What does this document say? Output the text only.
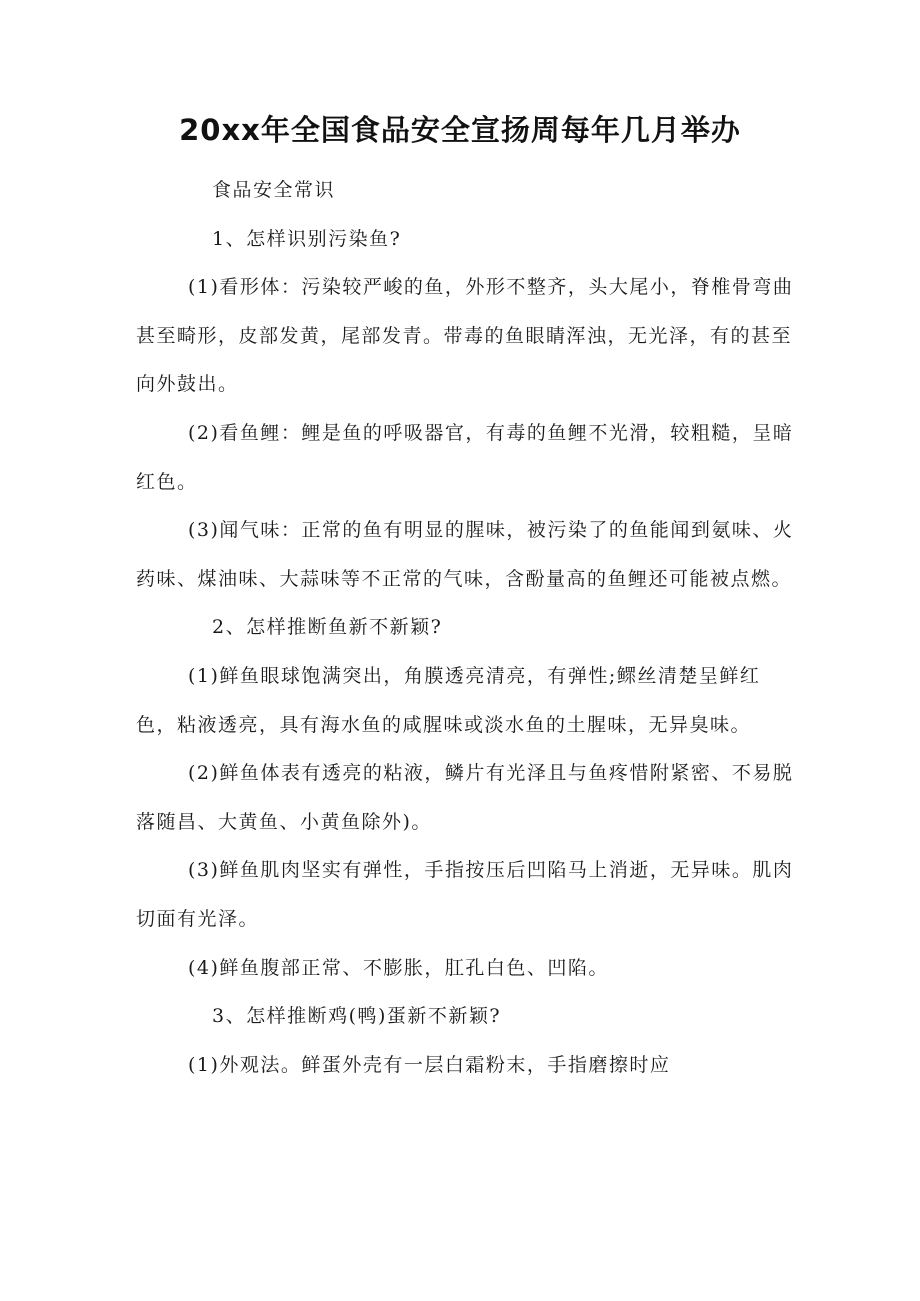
20xx年全国食品安全宣扬周每年几月举办

食品安全常识

1、怎样识别污染鱼?

(1)看形体：污染较严峻的鱼，外形不整齐，头大尾小，脊椎骨弯曲甚至畸形，皮部发黄，尾部发青。带毒的鱼眼睛浑浊，无光泽，有的甚至向外鼓出。

(2)看鱼鲤：鲤是鱼的呼吸器官，有毒的鱼鲤不光滑，较粗糙，呈暗红色。

(3)闻气味：正常的鱼有明显的腥味，被污染了的鱼能闻到氨味、火药味、煤油味、大蒜味等不正常的气味，含酚量高的鱼鲤还可能被点燃。

2、怎样推断鱼新不新颖?

(1)鲜鱼眼球饱满突出，角膜透亮清亮，有弹性;鳏丝清楚呈鲜红色，粘液透亮，具有海水鱼的咸腥味或淡水鱼的土腥味，无异臭味。

(2)鲜鱼体表有透亮的粘液，鳞片有光泽且与鱼疼惜附紧密、不易脱落随昌、大黄鱼、小黄鱼除外)。

(3)鲜鱼肌肉坚实有弹性，手指按压后凹陷马上消逝，无异味。肌肉切面有光泽。

(4)鲜鱼腹部正常、不膨胀，肛孔白色、凹陷。

3、怎样推断鸡(鸭)蛋新不新颖?

(1)外观法。鲜蛋外壳有一层白霜粉末，手指磨擦时应
